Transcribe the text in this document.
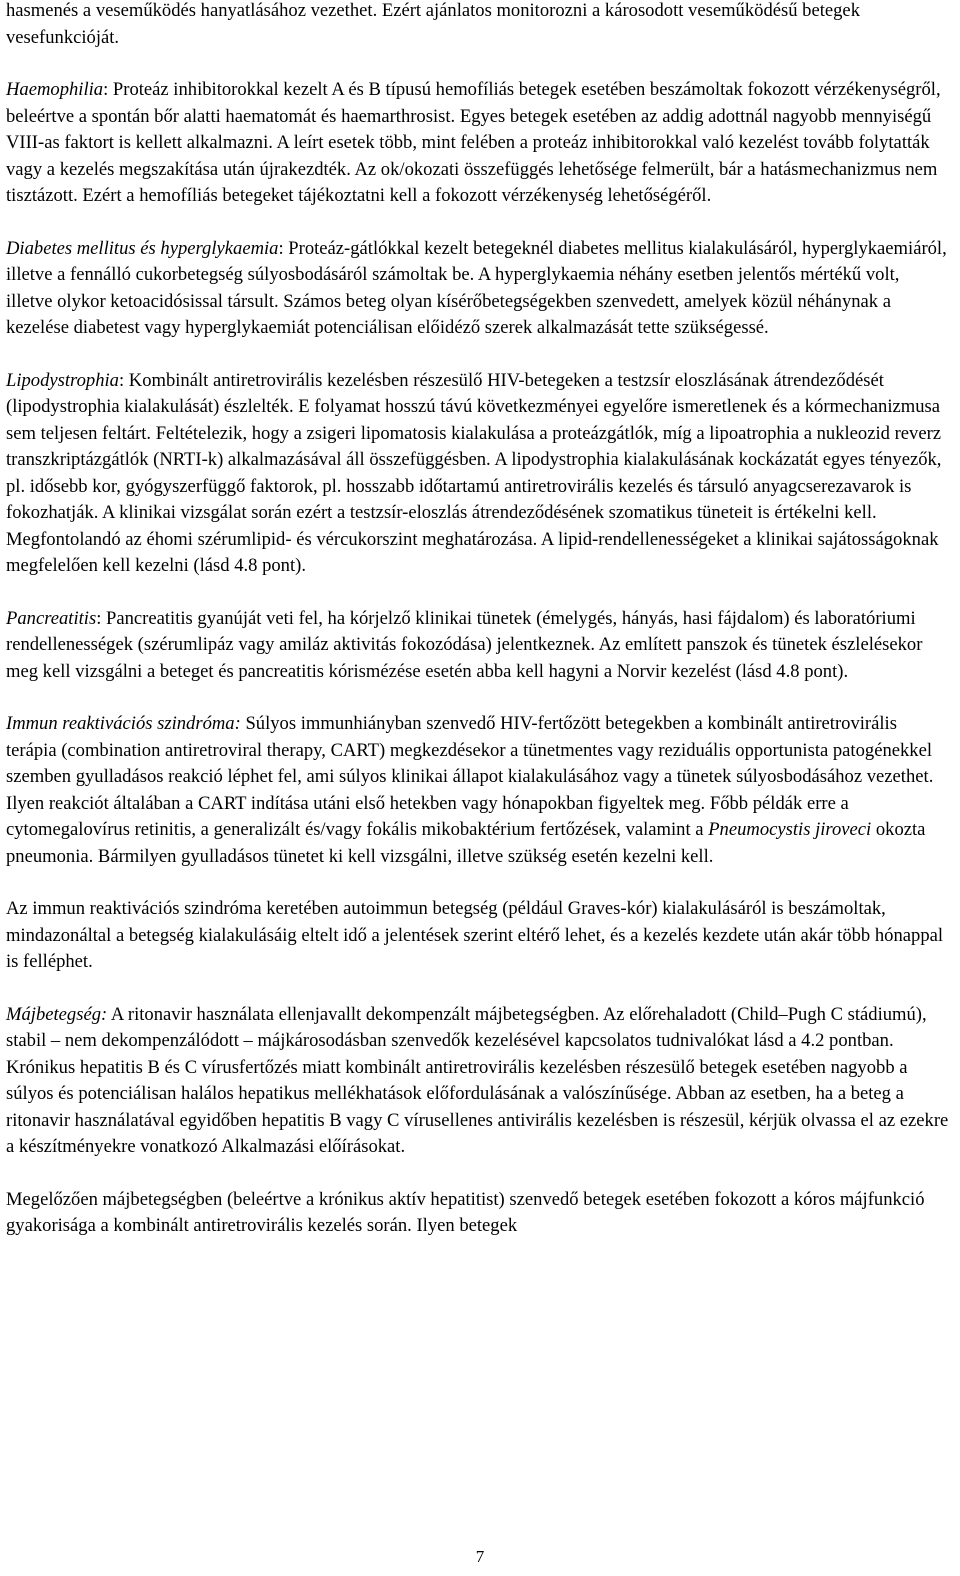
hasmenés a veseműködés hanyatlásához vezethet. Ezért ajánlatos monitorozni a károsodott veseműködésű betegek vesefunkcióját.

Haemophilia: Proteáz inhibitorokkal kezelt A és B típusú hemofíliás betegek esetében beszámoltak fokozott vérzékenységről, beleértve a spontán bőr alatti haematomát és haemarthrosist. Egyes betegek esetében az addig adottnál nagyobb mennyiségű VIII-as faktort is kellett alkalmazni. A leírt esetek több, mint felében a proteáz inhibitorokkal való kezelést tovább folytatták vagy a kezelés megszakítása után újrakezdték. Az ok/okozati összefüggés lehetősége felmerült, bár a hatásmechanizmus nem tisztázott. Ezért a hemofíliás betegeket tájékoztatni kell a fokozott vérzékenység lehetőségéről.

Diabetes mellitus és hyperglykaemia: Proteáz-gátlókkal kezelt betegeknél diabetes mellitus kialakulásáról, hyperglykaemiáról, illetve a fennálló cukorbetegség súlyosbodásáról számoltak be. A hyperglykaemia néhány esetben jelentős mértékű volt, illetve olykor ketoacidósissal társult. Számos beteg olyan kísérőbetegségekben szenvedett, amelyek közül néhánynak a kezelése diabetest vagy hyperglykaemiát potenciálisan előidéző szerek alkalmazását tette szükségessé.

Lipodystrophia: Kombinált antiretrovirális kezelésben részesülő HIV-betegeken a testzsír eloszlásának átrendeződését (lipodystrophia kialakulását) észlelték. E folyamat hosszú távú következményei egyelőre ismeretlenek és a kórmechanizmusa sem teljesen feltárt. Feltételezik, hogy a zsigeri lipomatosis kialakulása a proteázgátlók, míg a lipoatrophia a nukleozid reverz transzkriptázgátlók (NRTI-k) alkalmazásával áll összefüggésben. A lipodystrophia kialakulásának kockázatát egyes tényezők, pl. idősebb kor, gyógyszerfüggő faktorok, pl. hosszabb időtartamú antiretrovirális kezelés és társuló anyagcserezavarok is fokozhatják. A klinikai vizsgálat során ezért a testzsír-eloszlás átrendeződésének szomatikus tüneteit is értékelni kell. Megfontolandó az éhomi szérumlipid- és vércukorszint meghatározása. A lipid-rendellenességeket a klinikai sajátosságoknak megfelelően kell kezelni (lásd 4.8 pont).

Pancreatitis: Pancreatitis gyanúját veti fel, ha kórjelző klinikai tünetek (émelygés, hányás, hasi fájdalom) és laboratóriumi rendellenességek (szérumlipáz vagy amiláz aktivitás fokozódása) jelentkeznek. Az említett panszok és tünetek észlelésekor meg kell vizsgálni a beteget és pancreatitis kórismézése esetén abba kell hagyni a Norvir kezelést (lásd 4.8 pont).

Immun reaktivációs szindróma: Súlyos immunhiányban szenvedő HIV-fertőzött betegekben a kombinált antiretrovirális terápia (combination antiretroviral therapy, CART) megkezdésekor a tünetmentes vagy reziduális opportunista patogénekkel szemben gyulladásos reakció léphet fel, ami súlyos klinikai állapot kialakulásához vagy a tünetek súlyosbodásához vezethet. Ilyen reakciót általában a CART indítása utáni első hetekben vagy hónapokban figyeltek meg. Főbb példák erre a cytomegalovírus retinitis, a generalizált és/vagy fokális mikobaktérium fertőzések, valamint a Pneumocystis jiroveci okozta pneumonia. Bármilyen gyulladásos tünetet ki kell vizsgálni, illetve szükség esetén kezelni kell.

Az immun reaktivációs szindróma keretében autoimmun betegség (például Graves-kór) kialakulásáról is beszámoltak, mindazonáltal a betegség kialakulásáig eltelt idő a jelentések szerint eltérő lehet, és a kezelés kezdete után akár több hónappal is felléphet.

Májbetegség: A ritonavir használata ellenjavallt dekompenzált májbetegségben. Az előrehaladott (Child–Pugh C stádiumú), stabil – nem dekompenzálódott – májkárosodásban szenvedők kezelésével kapcsolatos tudnivalókat lásd a 4.2 pontban. Krónikus hepatitis B és C vírusfertőzés miatt kombinált antiretrovirális kezelésben részesülő betegek esetében nagyobb a súlyos és potenciálisan halálos hepatikus mellékhatások előfordulásának a valószínűsége. Abban az esetben, ha a beteg a ritonavir használatával egyidőben hepatitis B vagy C vírusellenes antivirális kezelésben is részesül, kérjük olvassa el az ezekre a készítményekre vonatkozó Alkalmazási előírásokat.

Megelőzően májbetegségben (beleértve a krónikus aktív hepatitist) szenvedő betegek esetében fokozott a kóros májfunkció gyakorisága a kombinált antiretrovirális kezelés során. Ilyen betegek

7
